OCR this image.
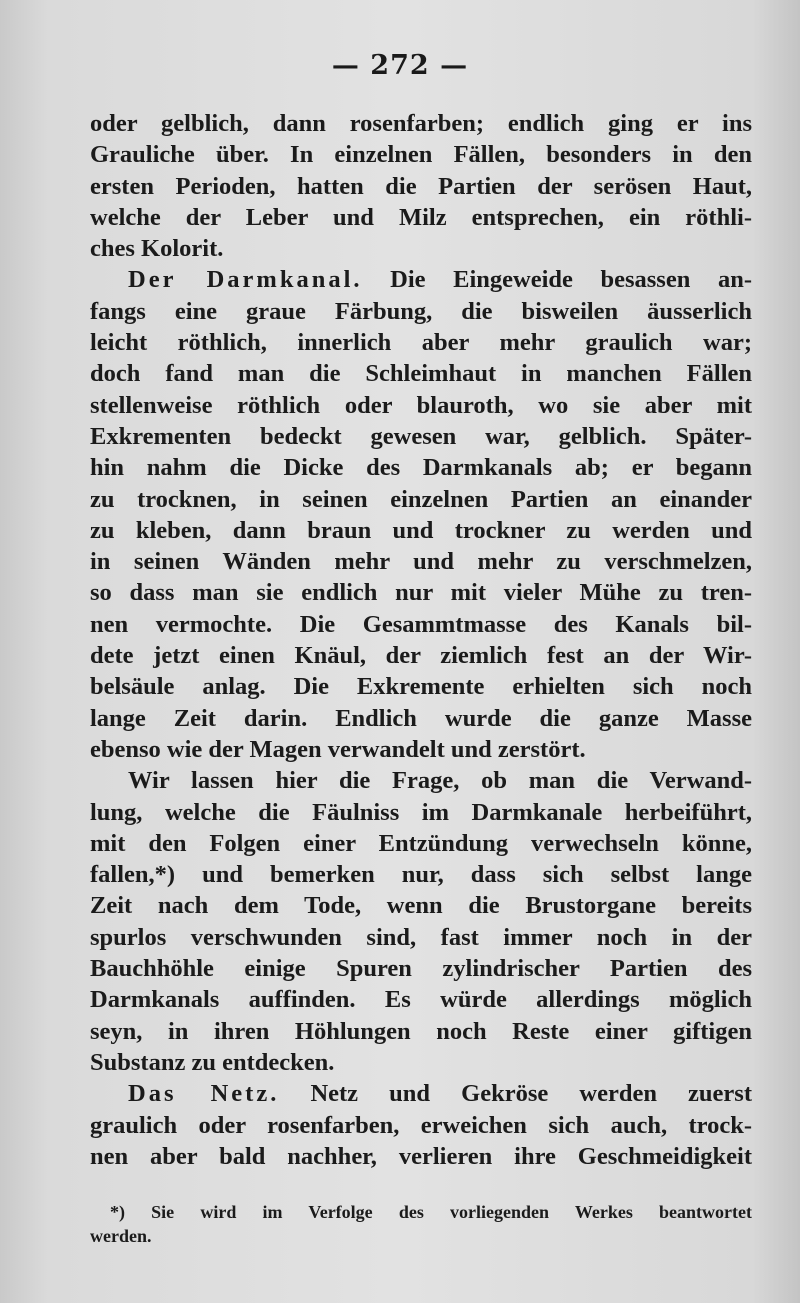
— 272 —
oder gelblich, dann rosenfarben; endlich ging er ins
Grauliche über. In einzelnen Fällen, besonders in den
ersten Perioden, hatten die Partien der serösen Haut,
welche der Leber und Milz entsprechen, ein röthli-
ches Kolorit.
Der Darmkanal. Die Eingeweide besassen an-
fangs eine graue Färbung, die bisweilen äusserlich
leicht röthlich, innerlich aber mehr graulich war;
doch fand man die Schleimhaut in manchen Fällen
stellenweise röthlich oder blauroth, wo sie aber mit
Exkrementen bedeckt gewesen war, gelblich. Später-
hin nahm die Dicke des Darmkanals ab; er begann
zu trocknen, in seinen einzelnen Partien an einander
zu kleben, dann braun und trockner zu werden und
in seinen Wänden mehr und mehr zu verschmelzen,
so dass man sie endlich nur mit vieler Mühe zu tren-
nen vermochte. Die Gesammtmasse des Kanals bil-
dete jetzt einen Knäul, der ziemlich fest an der Wir-
belsäule anlag. Die Exkremente erhielten sich noch
lange Zeit darin. Endlich wurde die ganze Masse
ebenso wie der Magen verwandelt und zerstört.
Wir lassen hier die Frage, ob man die Verwand-
lung, welche die Fäulniss im Darmkanale herbeiführt,
mit den Folgen einer Entzündung verwechseln könne,
fallen,*) und bemerken nur, dass sich selbst lange
Zeit nach dem Tode, wenn die Brustorgane bereits
spurlos verschwunden sind, fast immer noch in der
Bauchhöhle einige Spuren zylindrischer Partien des
Darmkanals auffinden. Es würde allerdings möglich
seyn, in ihren Höhlungen noch Reste einer giftigen
Substanz zu entdecken.
Das Netz. Netz und Gekröse werden zuerst
graulich oder rosenfarben, erweichen sich auch, trock-
nen aber bald nachher, verlieren ihre Geschmeidigkeit
*) Sie wird im Verfolge des vorliegenden Werkes beantwortet
werden.
